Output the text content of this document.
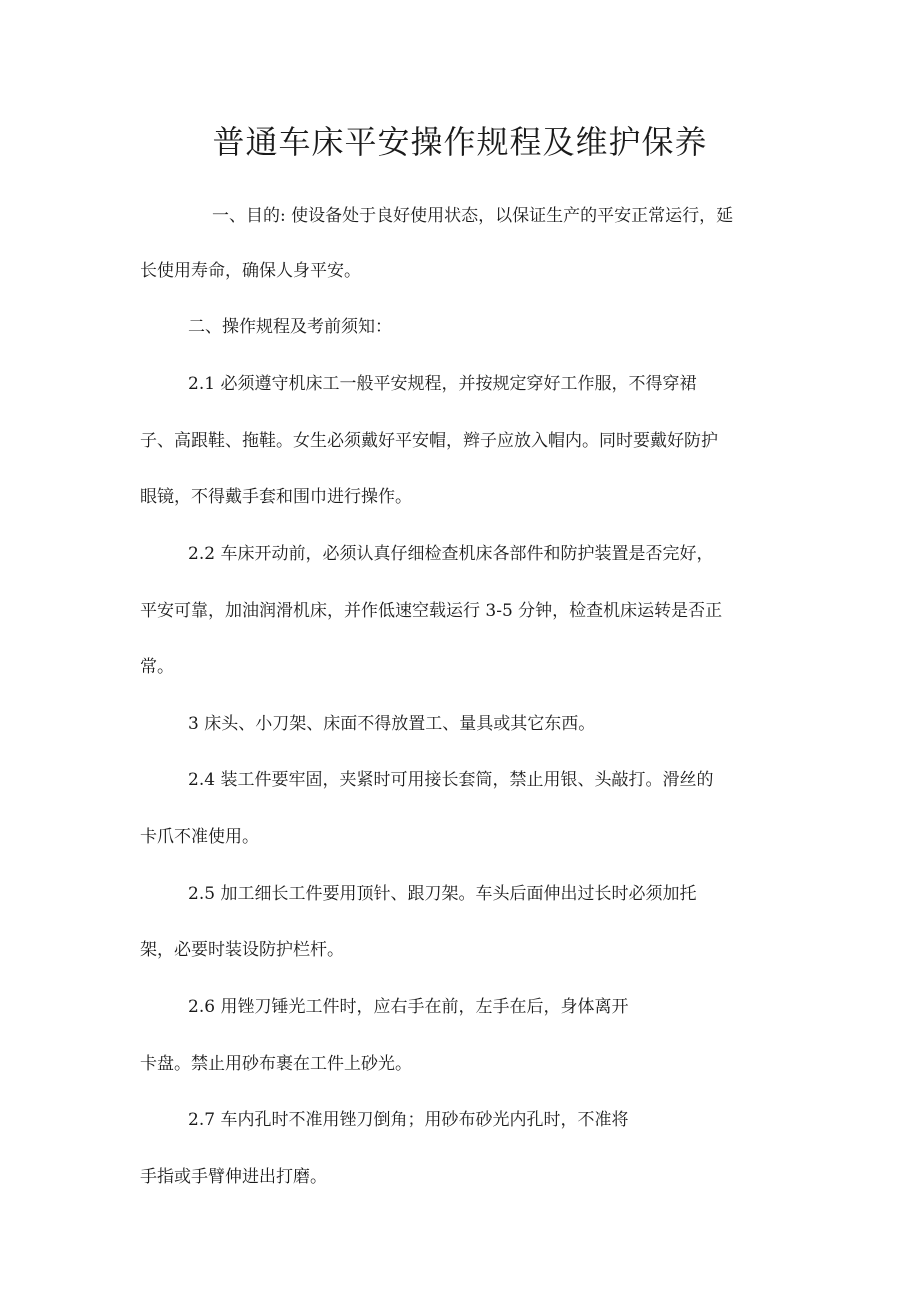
普通车床平安操作规程及维护保养

一、目的: 使设备处于良好使用状态，以保证生产的平安正常运行，延

长使用寿命，确保人身平安。

二、操作规程及考前须知：

2.1 必须遵守机床工一般平安规程，并按规定穿好工作服，不得穿裙

子、高跟鞋、拖鞋。女生必须戴好平安帽，辫子应放入帽内。同时要戴好防护

眼镜，不得戴手套和围巾进行操作。

2.2 车床开动前，必须认真仔细检查机床各部件和防护装置是否完好，

平安可靠，加油润滑机床，并作低速空载运行 3-5 分钟，检查机床运转是否正

常。

3 床头、小刀架、床面不得放置工、量具或其它东西。

2.4 装工件要牢固，夹紧时可用接长套筒，禁止用银、头敲打。滑丝的

卡爪不准使用。

2.5 加工细长工件要用顶针、跟刀架。车头后面伸出过长时必须加托

架，必要时装设防护栏杆。

2.6 用锉刀锤光工件时，应右手在前，左手在后，身体离开

卡盘。禁止用砂布裹在工件上砂光。

2.7 车内孔时不准用锉刀倒角；用砂布砂光内孔时，不准将

手指或手臂伸进出打磨。
